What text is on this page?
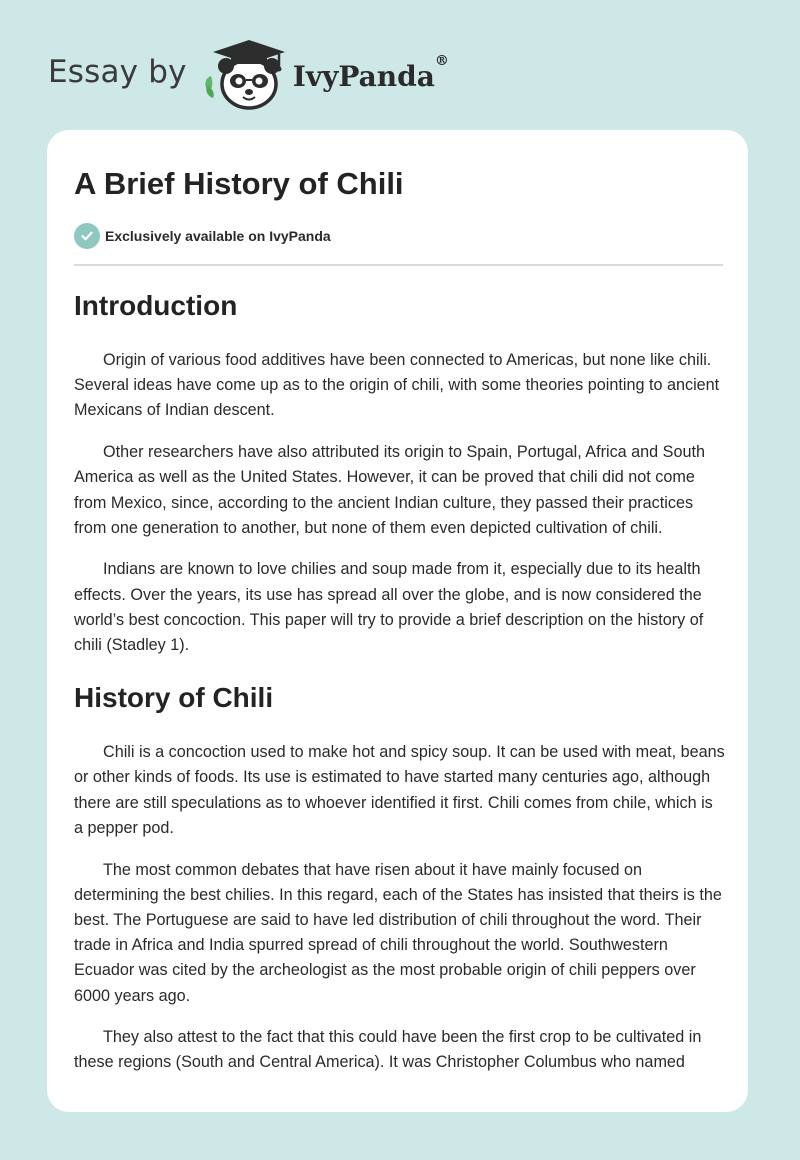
Essay by	IvyPanda®
A Brief History of Chili
Exclusively available on IvyPanda
Introduction

Origin of various food additives have been connected to Americas, but none like chili. Several ideas have come up as to the origin of chili, with some theories pointing to ancient Mexicans of Indian descent.

Other researchers have also attributed its origin to Spain, Portugal, Africa and South America as well as the United States. However, it can be proved that chili did not come from Mexico, since, according to the ancient Indian culture, they passed their practices from one generation to another, but none of them even depicted cultivation of chili.

Indians are known to love chilies and soup made from it, especially due to its health effects. Over the years, its use has spread all over the globe, and is now considered the world’s best concoction. This paper will try to provide a brief description on the history of chili (Stadley 1).

History of Chili

Chili is a concoction used to make hot and spicy soup. It can be used with meat, beans or other kinds of foods. Its use is estimated to have started many centuries ago, although there are still speculations as to whoever identified it first. Chili comes from chile, which is a pepper pod.

The most common debates that have risen about it have mainly focused on determining the best chilies. In this regard, each of the States has insisted that theirs is the best. The Portuguese are said to have led distribution of chili throughout the word. Their trade in Africa and India spurred spread of chili throughout the world. Southwestern Ecuador was cited by the archeologist as the most probable origin of chili peppers over 6000 years ago.

They also attest to the fact that this could have been the first crop to be cultivated in these regions (South and Central America). It was Christopher Columbus who named
